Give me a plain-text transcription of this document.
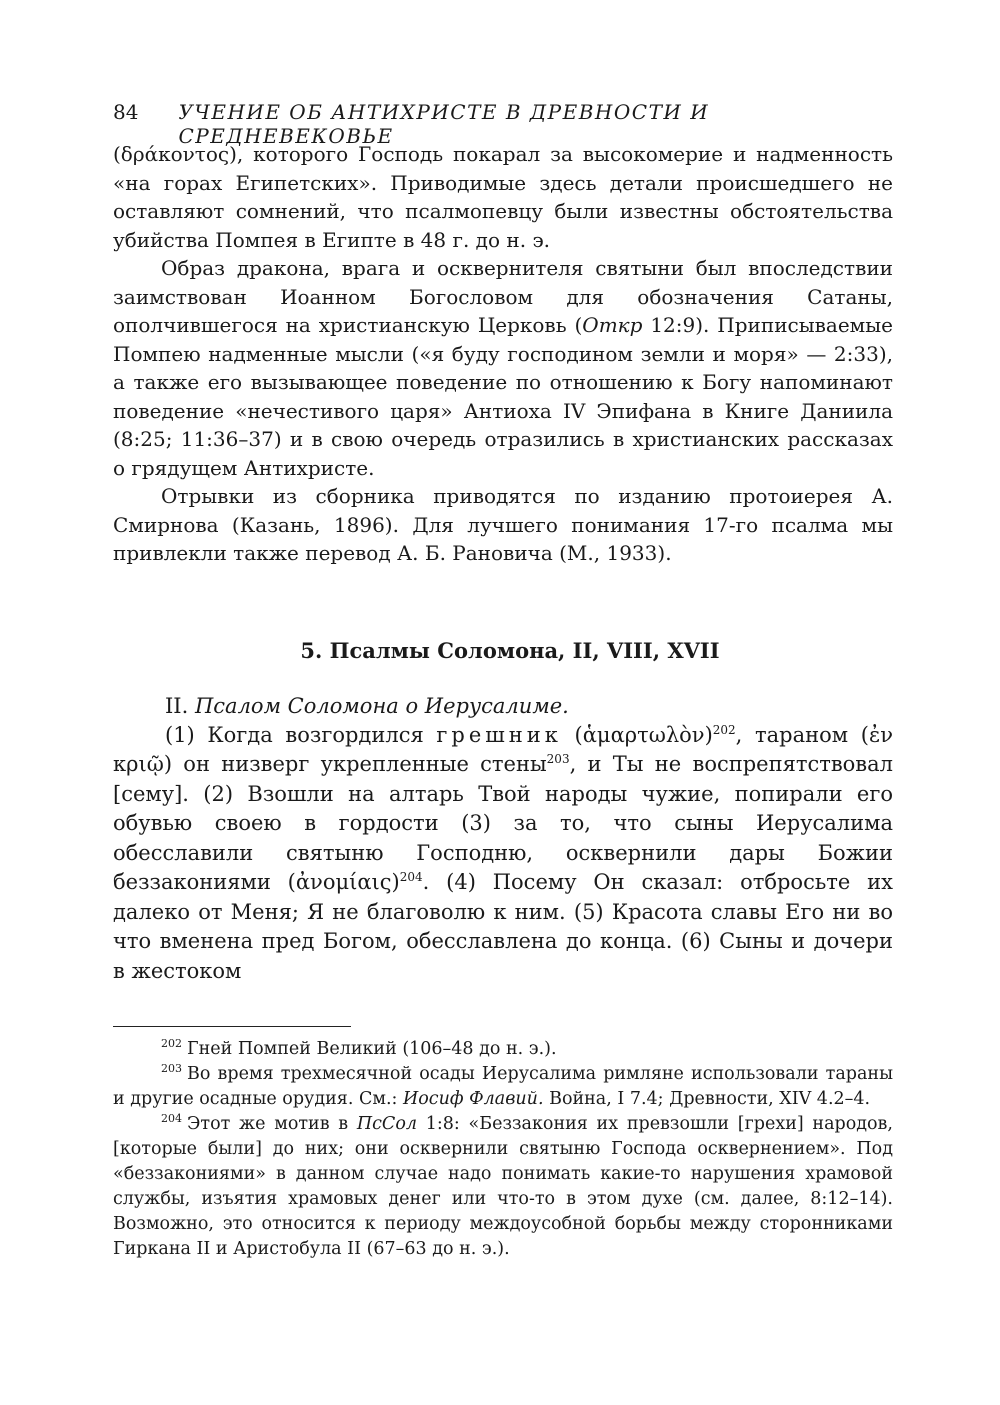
84 УЧЕНИЕ ОБ АНТИХРИСТЕ В ДРЕВНОСТИ И СРЕДНЕВЕКОВЬЕ

(δράκοντος), которого Господь покарал за высокомерие и надменность «на горах Египетских». Приводимые здесь детали происшедшего не оставляют сомнений, что псалмопевцу были известны обстоятельства убийства Помпея в Египте в 48 г. до н. э.

Образ дракона, врага и осквернителя святыни был впоследствии заимствован Иоанном Богословом для обозначения Сатаны, ополчившегося на христианскую Церковь (Откр 12:9). Приписываемые Помпею надменные мысли («я буду господином земли и моря» — 2:33), а также его вызывающее поведение по отношению к Богу напоминают поведение «нечестивого царя» Антиоха IV Эпифана в Книге Даниила (8:25; 11:36–37) и в свою очередь отразились в христианских рассказах о грядущем Антихристе.

Отрывки из сборника приводятся по изданию протоиерея А. Смирнова (Казань, 1896). Для лучшего понимания 17-го псалма мы привлекли также перевод А. Б. Рановича (М., 1933).

5. Псалмы Соломона, II, VIII, XVII

II. Псалом Соломона о Иерусалиме.

(1) Когда возгордился грешник (ἁμαρτωλὸν)$^{202}$, тараном (ἐν κριῷ) он низверг укрепленные стены$^{203}$, и Ты не воспрепятствовал [сему]. (2) Взошли на алтарь Твой народы чужие, попирали его обувью своею в гордости (3) за то, что сыны Иерусалима обесславили святыню Господню, осквернили дары Божии беззакониями (ἀνομίαις)$^{204}$. (4) Посему Он сказал: отбросьте их далеко от Меня; Я не благоволю к ним. (5) Красота славы Его ни во что вменена пред Богом, обесславлена до конца. (6) Сыны и дочери в жестоком

$^{202}$ Гней Помпей Великий (106–48 до н. э.).

$^{203}$ Во время трехмесячной осады Иерусалима римляне использовали тараны и другие осадные орудия. См.: Иосиф Флавий. Война, I 7.4; Древности, XIV 4.2–4.

$^{204}$ Этот же мотив в ПсСол 1:8: «Беззакония их превзошли [грехи] народов, [которые были] до них; они осквернили святыню Господа осквернением». Под «беззакониями» в данном случае надо понимать какие-то нарушения храмовой службы, изъятия храмовых денег или что-то в этом духе (см. далее, 8:12–14). Возможно, это относится к периоду междоусобной борьбы между сторонниками Гиркана II и Аристобула II (67–63 до н. э.).
